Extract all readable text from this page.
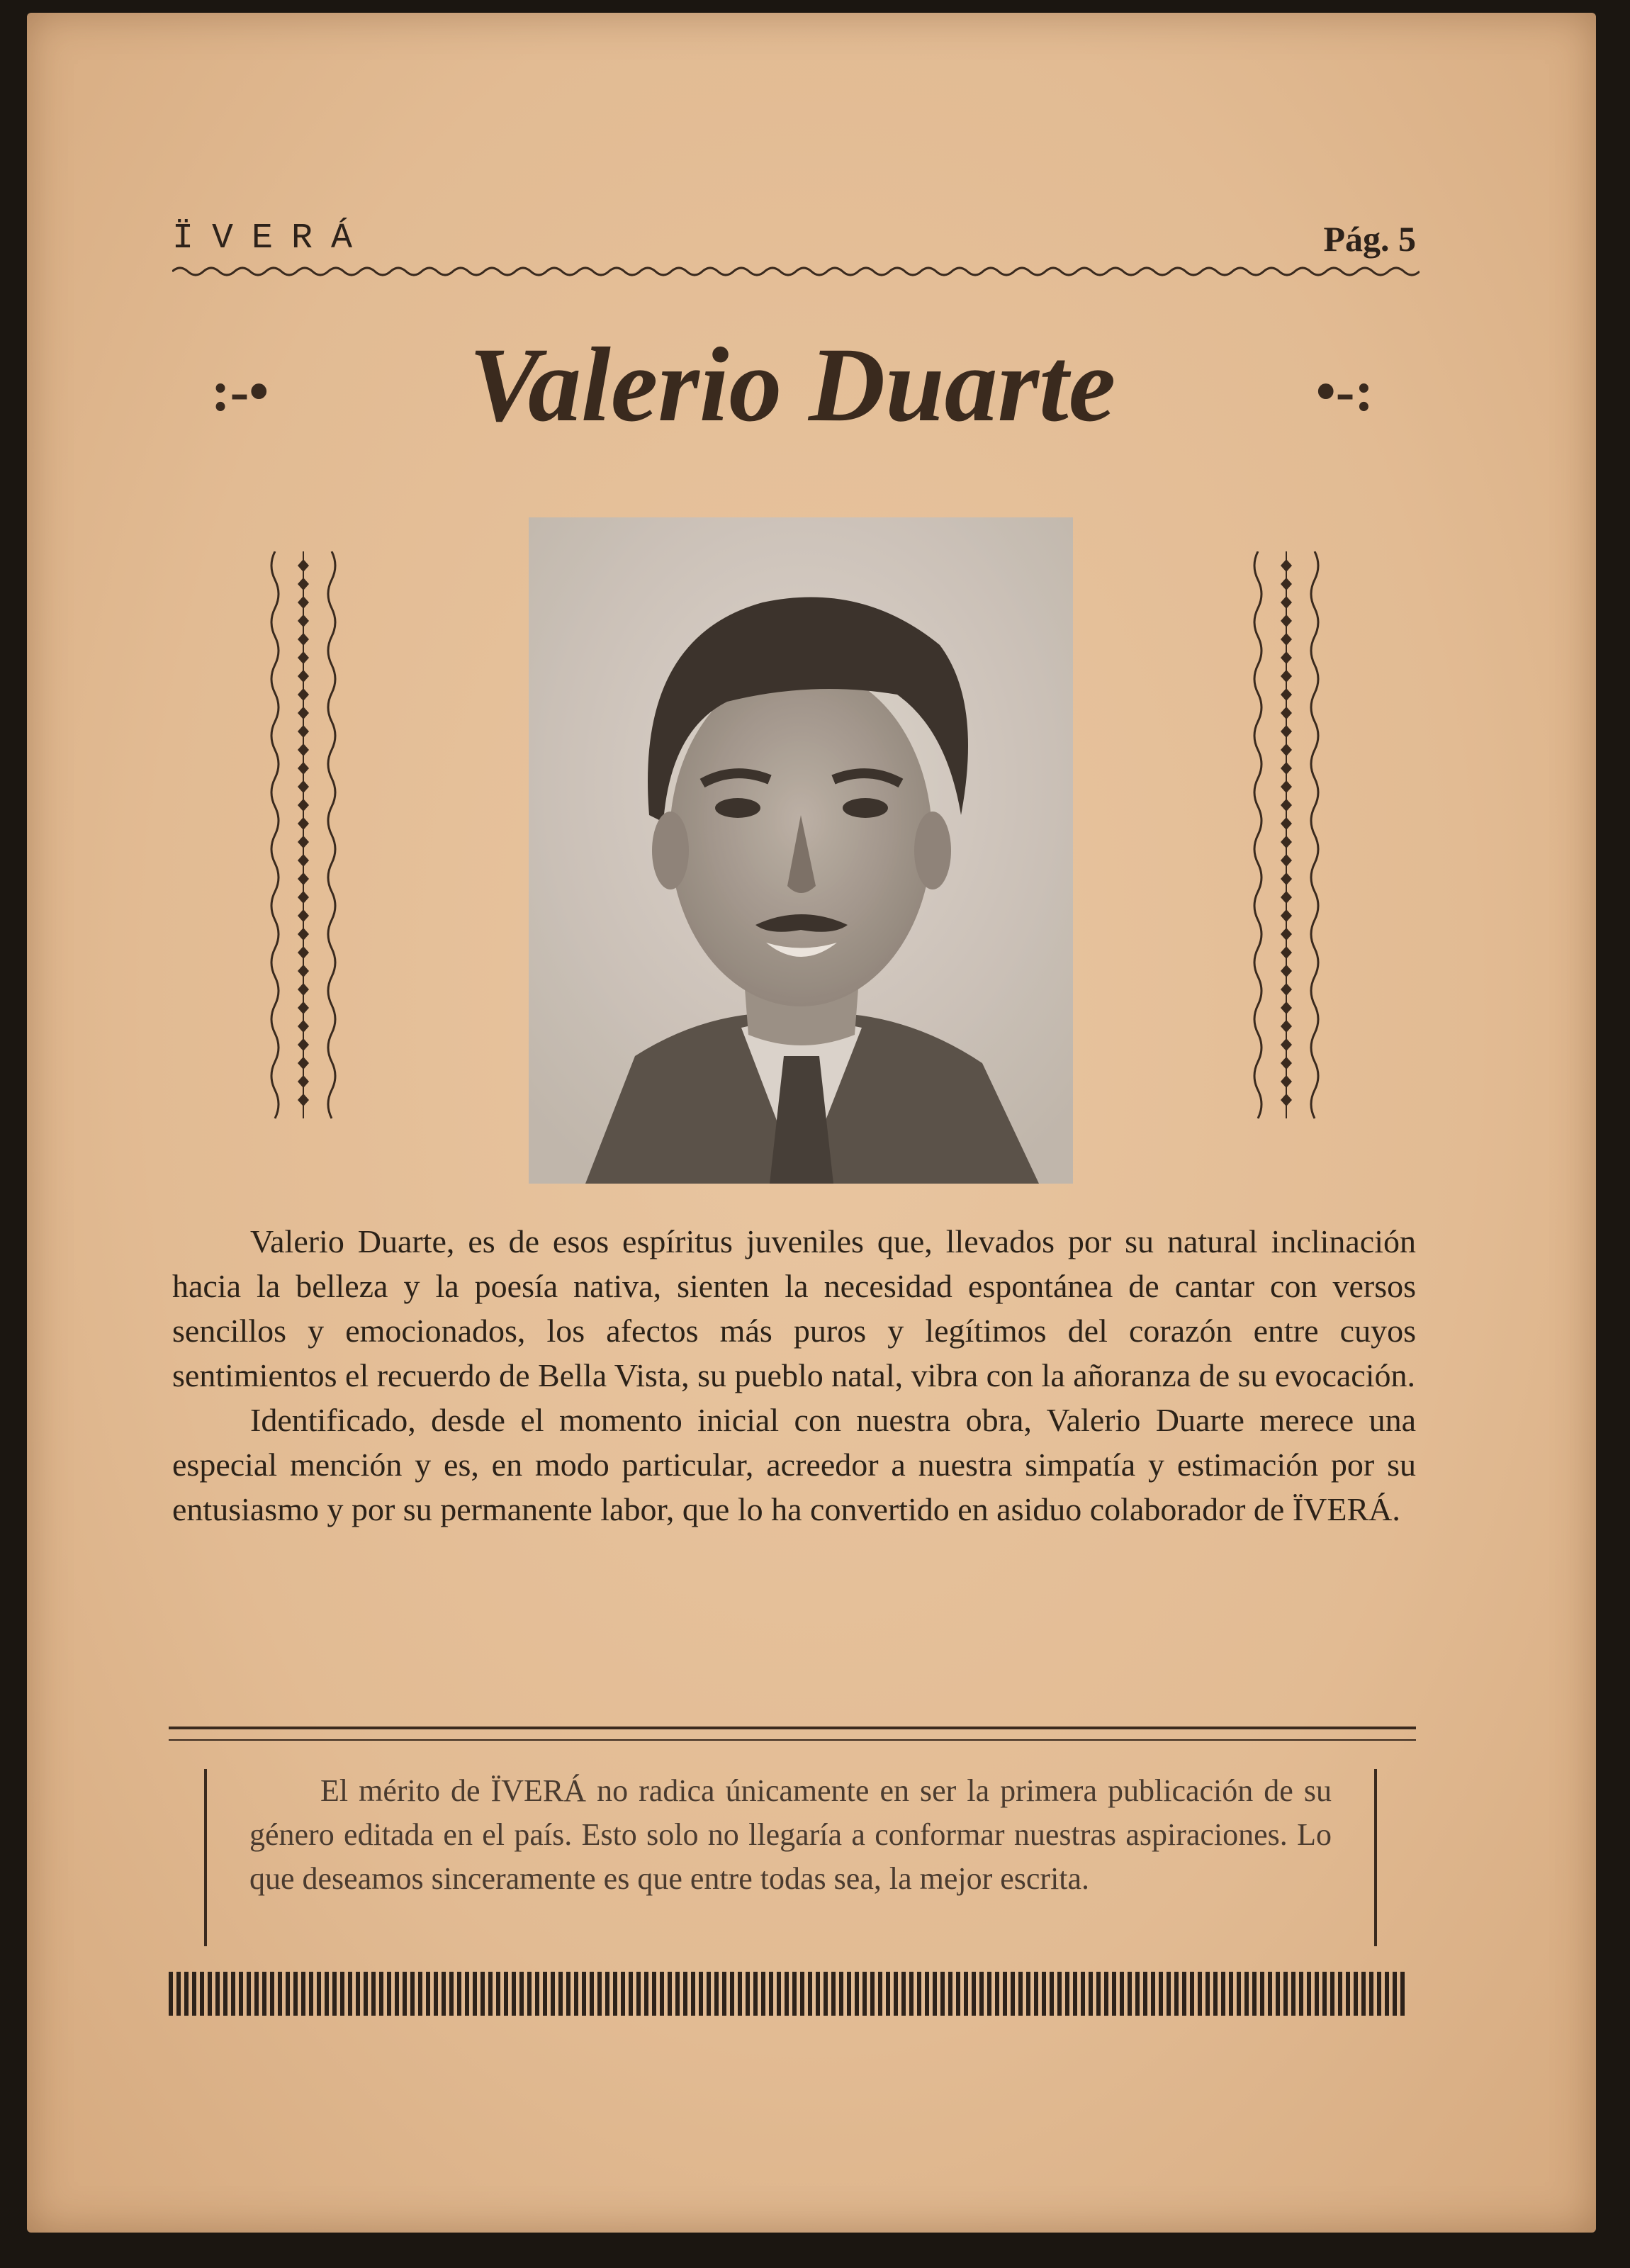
ÏVERÁ	Pág. 5
:-• Valerio Duarte	•-:

Valerio Duarte, es de esos espíritus juveniles que, llevados por su natural inclinación hacia la belleza y la poesía nativa, sienten la necesidad espontánea de cantar con versos sencillos y emocionados, los afectos más puros y legítimos del corazón entre cuyos sentimientos el recuerdo de Bella Vista, su pueblo natal, vibra con la añoranza de su evocación.

Identificado, desde el momento inicial con nuestra obra, Valerio Duarte merece una especial mención y es, en modo particular, acreedor a nuestra simpatía y estimación por su entusiasmo y por su permanente labor, que lo ha convertido en asiduo colaborador de ÏVERÁ.

El mérito de ÏVERÁ no radica únicamente en ser la primera publicación de su género editada en el país. Esto solo no llegaría a conformar nuestras aspiraciones. Lo que deseamos sinceramente es que entre todas sea, la mejor escrita.
